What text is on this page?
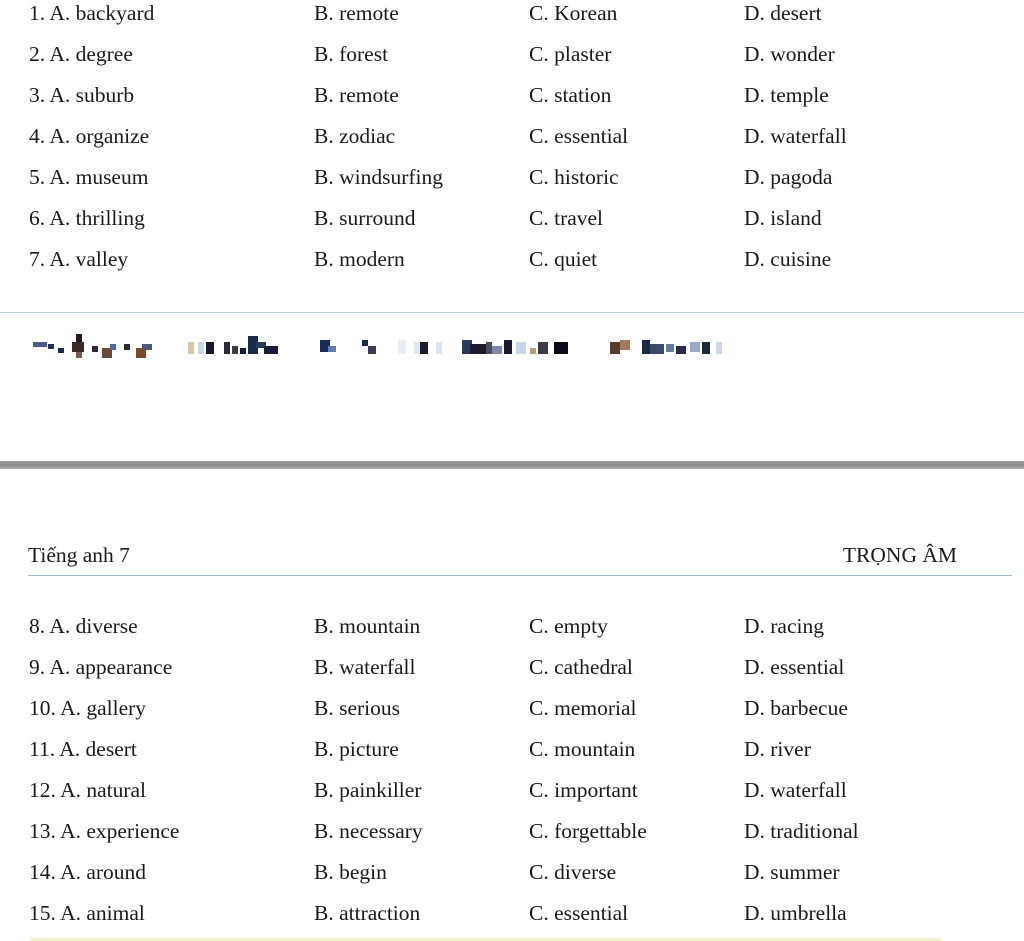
1. A. backyard	B. remote	C. Korean	D. desert
2. A. degree	B. forest	C. plaster	D. wonder
3. A. suburb	B. remote	C. station	D. temple
4. A. organize	B. zodiac	C. essential	D. waterfall
5. A. museum	B. windsurfing	C. historic	D. pagoda
6. A. thrilling	B. surround	C. travel	D. island
7. A. valley	B. modern	C. quiet	D. cuisine
Tiếng anh 7	TRỌNG ÂM
8. A. diverse	B. mountain	C. empty	D. racing
9. A. appearance	B. waterfall	C. cathedral	D. essential
10. A. gallery	B. serious	C. memorial	D. barbecue
11. A. desert	B. picture	C. mountain	D. river
12. A. natural	B. painkiller	C. important	D. waterfall
13. A. experience	B. necessary	C. forgettable	D. traditional
14. A. around	B. begin	C. diverse	D. summer
15. A. animal	B. attraction	C. essential	D. umbrella
